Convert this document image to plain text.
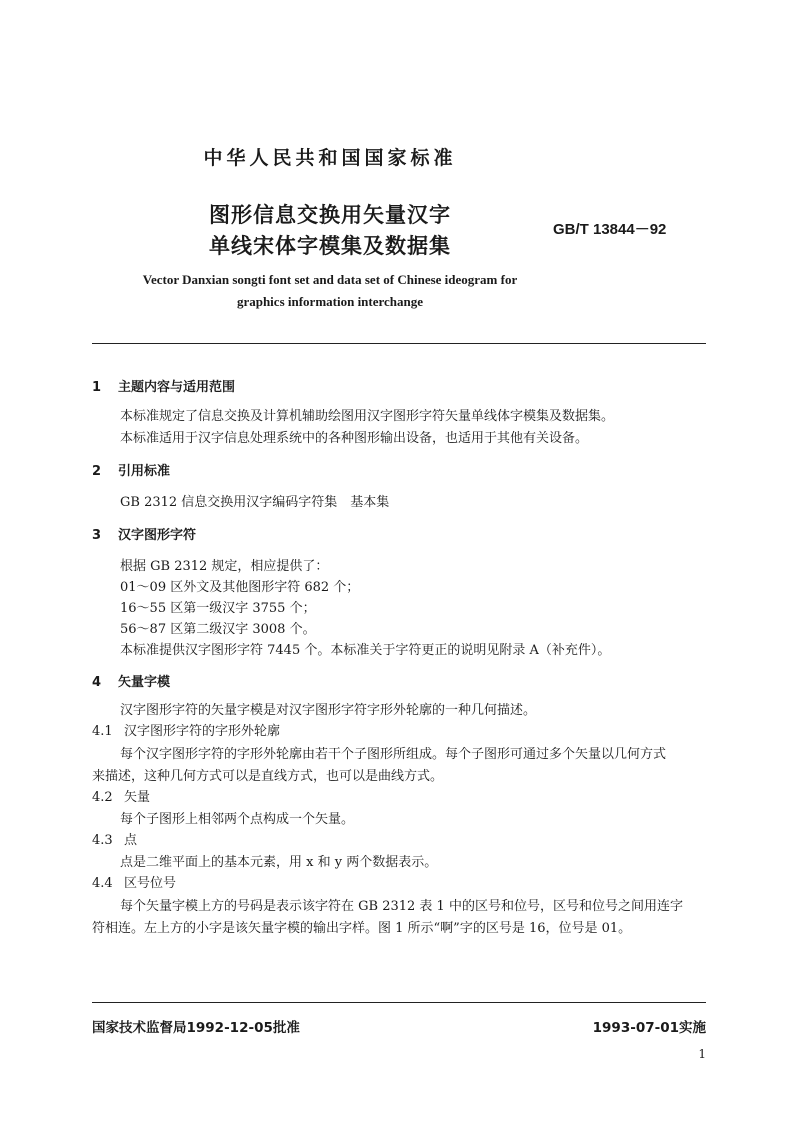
中华人民共和国国家标准
图形信息交换用矢量汉字
单线宋体字模集及数据集
GB/T 13844－92
Vector Danxian songti font set and data set of Chinese ideogram for
graphics information interchange
1 主题内容与适用范围
本标准规定了信息交换及计算机辅助绘图用汉字图形字符矢量单线体字模集及数据集。
本标准适用于汉字信息处理系统中的各种图形输出设备，也适用于其他有关设备。
2 引用标准
GB 2312 信息交换用汉字编码字符集　基本集
3 汉字图形字符
根据 GB 2312 规定，相应提供了：
01～09 区外文及其他图形字符 682 个；
16～55 区第一级汉字 3755 个；
56～87 区第二级汉字 3008 个。
本标准提供汉字图形字符 7445 个。本标准关于字符更正的说明见附录 A（补充件）。
4 矢量字模
汉字图形字符的矢量字模是对汉字图形字符字形外轮廓的一种几何描述。
4.1 汉字图形字符的字形外轮廓
每个汉字图形字符的字形外轮廓由若干个子图形所组成。每个子图形可通过多个矢量以几何方式
来描述，这种几何方式可以是直线方式，也可以是曲线方式。
4.2 矢量
每个子图形上相邻两个点构成一个矢量。
4.3 点
点是二维平面上的基本元素，用 x 和 y 两个数据表示。
4.4 区号位号
每个矢量字模上方的号码是表示该字符在 GB 2312 表 1 中的区号和位号，区号和位号之间用连字
符相连。左上方的小字是该矢量字模的输出字样。图 1 所示“啊”字的区号是 16，位号是 01。
国家技术监督局1992-12-05批准	1993-07-01实施
1
